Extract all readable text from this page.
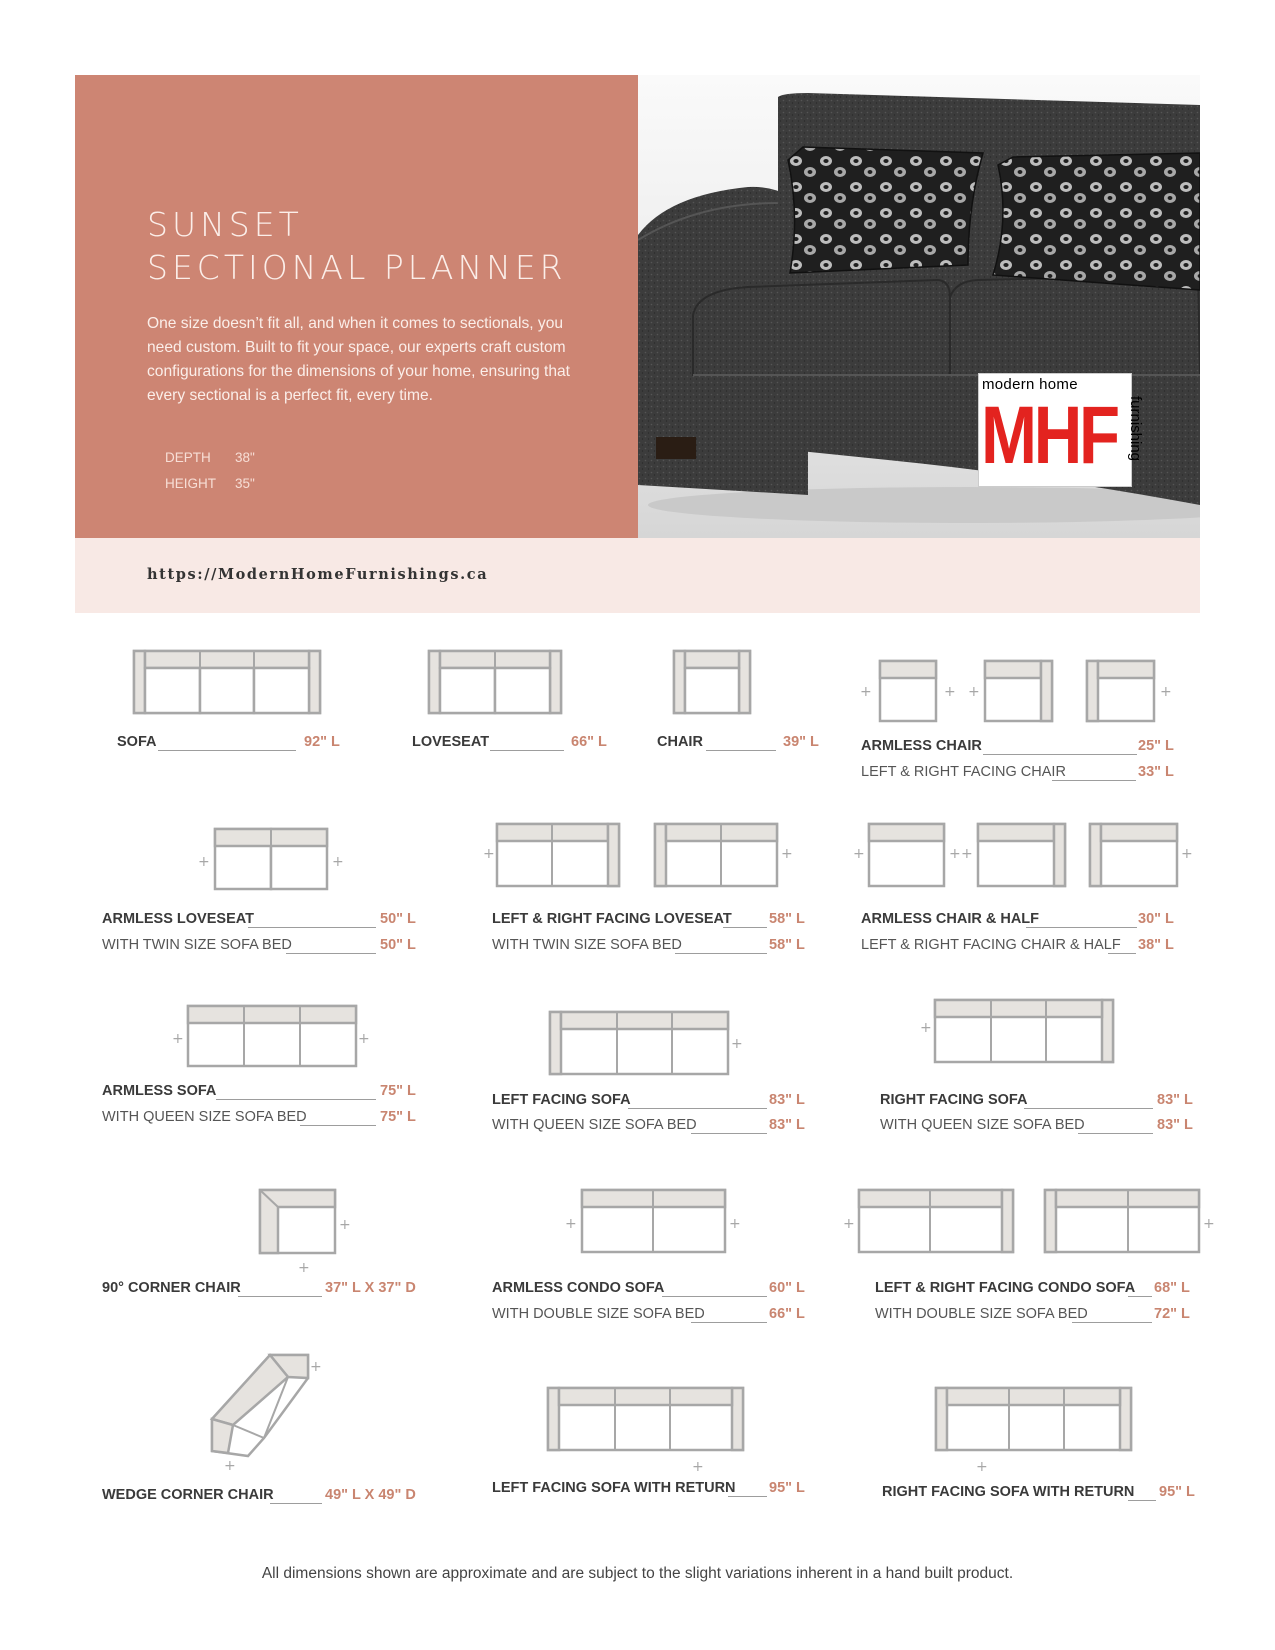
SUNSET
SECTIONAL PLANNER

One size doesn’t fit all, and when it comes to sectionals, you need custom. Built to fit your space, our experts craft custom configurations for the dimensions of your home, ensuring that every sectional is a perfect fit, every time.

DEPTH 38"
HEIGHT 35"
modern home
MHF furnishing
https://ModernHomeFurnishings.ca
SOFA	92" L	LOVESEAT	66" L	CHAIR	39" L
+	+ +	+
ARMLESS CHAIR	25" L
LEFT & RIGHT FACING CHAIR	33" L
+	+
ARMLESS LOVESEAT	50" L
WITH TWIN SIZE SOFA BED	50" L
+	+
LEFT & RIGHT FACING LOVESEAT	58" L
WITH TWIN SIZE SOFA BED	58" L
+	+ +	+
ARMLESS CHAIR & HALF	30" L
LEFT & RIGHT FACING CHAIR & HALF 38" L
+	+
ARMLESS SOFA	75" L
WITH QUEEN SIZE SOFA BED	75" L
+
LEFT FACING SOFA	83" L
WITH QUEEN SIZE SOFA BED	83" L
+
RIGHT FACING SOFA	83" L
WITH QUEEN SIZE SOFA BED	83" L
+
+
90° CORNER CHAIR	37" L X 37" D
+	+
ARMLESS CONDO SOFA	60" L
WITH DOUBLE SIZE SOFA BED	66" L
+	+
LEFT & RIGHT FACING CONDO SOFA 68" L
WITH DOUBLE SIZE SOFA BED	72" L
+
+
WEDGE CORNER CHAIR	49" L X 49" D
+
LEFT FACING SOFA WITH RETURN 95" L
+
RIGHT FACING SOFA WITH RETURN 95" L

All dimensions shown are approximate and are subject to the slight variations inherent in a hand built product.
